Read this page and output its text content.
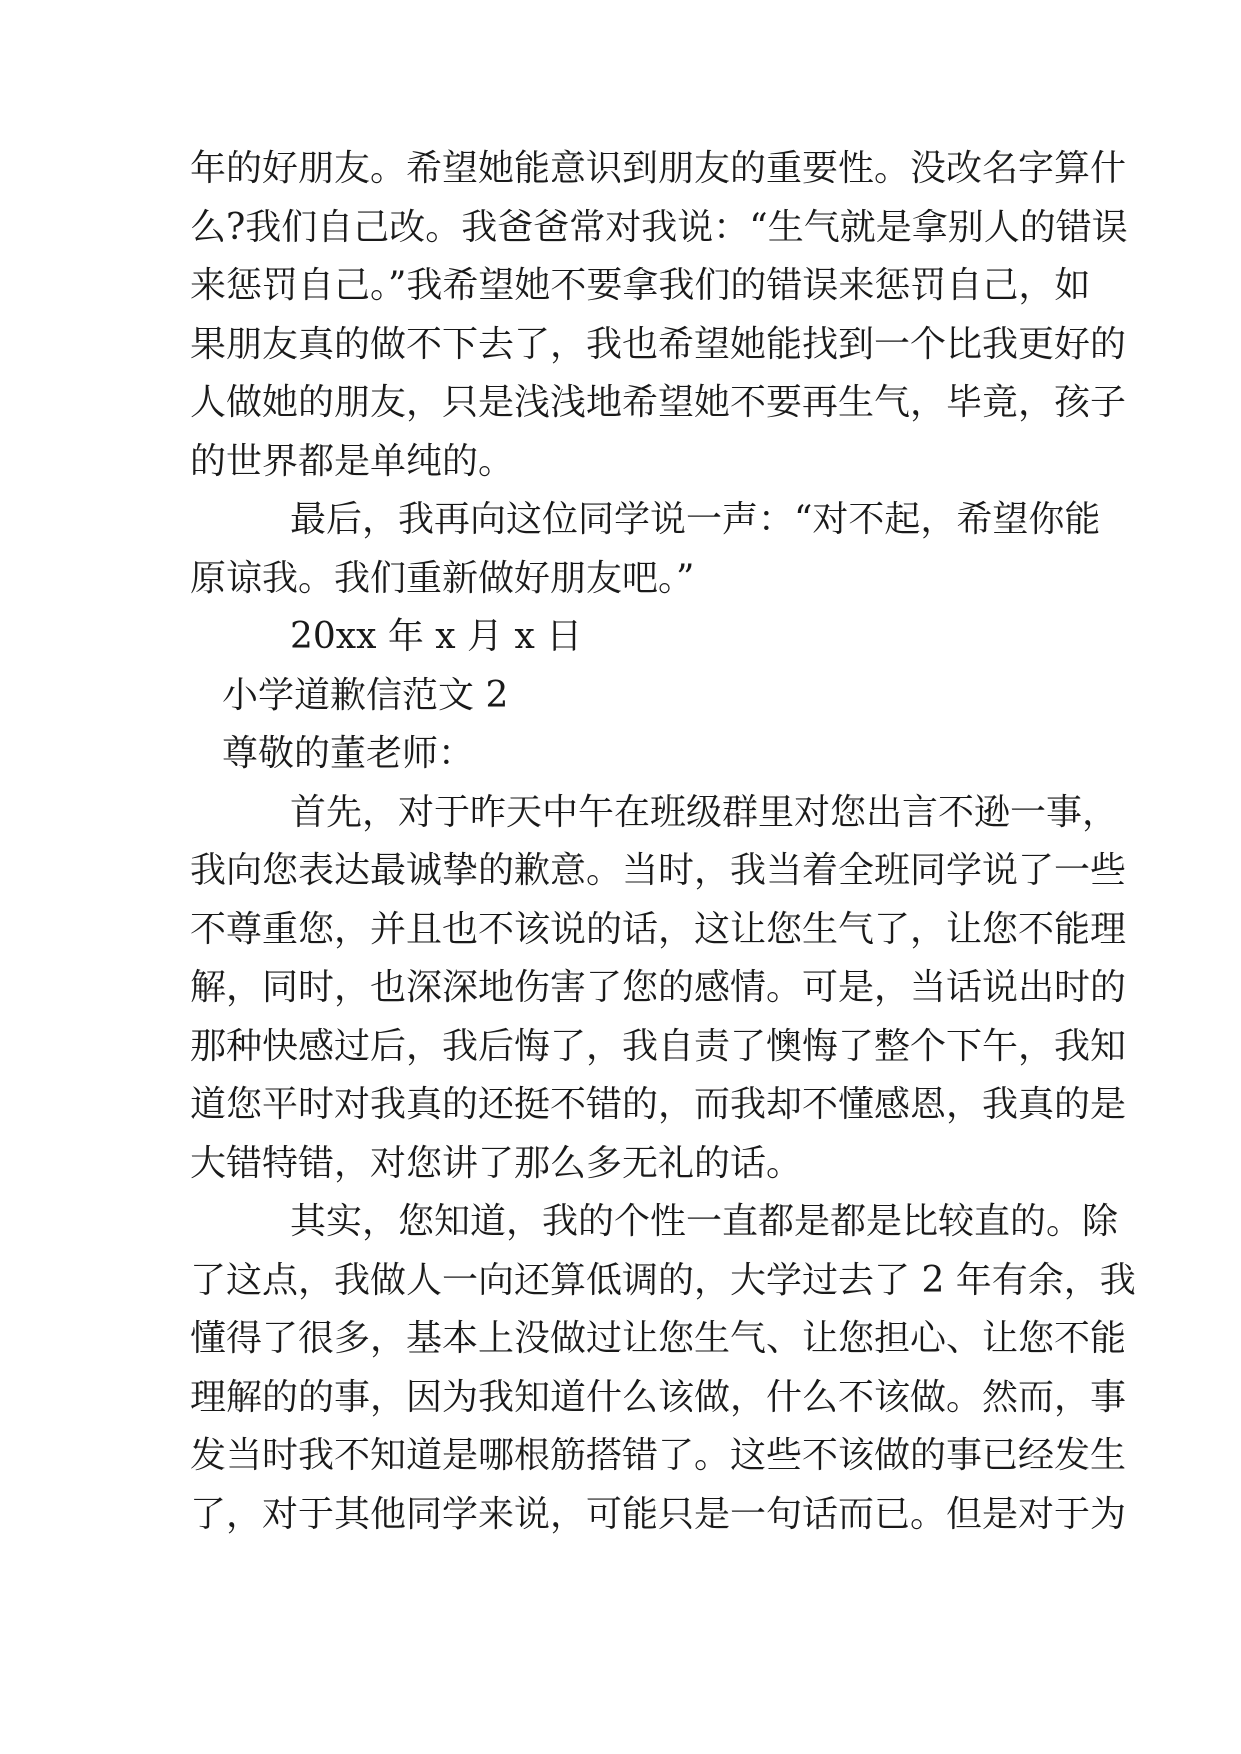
年的好朋友。希望她能意识到朋友的重要性。没改名字算什
么?我们自己改。我爸爸常对我说：“生气就是拿别人的错误
来惩罚自己。”我希望她不要拿我们的错误来惩罚自己，如
果朋友真的做不下去了，我也希望她能找到一个比我更好的
人做她的朋友，只是浅浅地希望她不要再生气，毕竟，孩子
的世界都是单纯的。
最后，我再向这位同学说一声：“对不起，希望你能
原谅我。我们重新做好朋友吧。”
20xx 年 x 月 x 日
小学道歉信范文 2
尊敬的董老师：
首先，对于昨天中午在班级群里对您出言不逊一事，
我向您表达最诚挚的歉意。当时，我当着全班同学说了一些
不尊重您，并且也不该说的话，这让您生气了，让您不能理
解，同时，也深深地伤害了您的感情。可是，当话说出时的
那种快感过后，我后悔了，我自责了懊悔了整个下午，我知
道您平时对我真的还挺不错的，而我却不懂感恩，我真的是
大错特错，对您讲了那么多无礼的话。
其实，您知道，我的个性一直都是都是比较直的。除
了这点，我做人一向还算低调的，大学过去了 2 年有余，我
懂得了很多，基本上没做过让您生气、让您担心、让您不能
理解的的事，因为我知道什么该做，什么不该做。然而，事
发当时我不知道是哪根筋搭错了。这些不该做的事已经发生
了，对于其他同学来说，可能只是一句话而已。但是对于为
